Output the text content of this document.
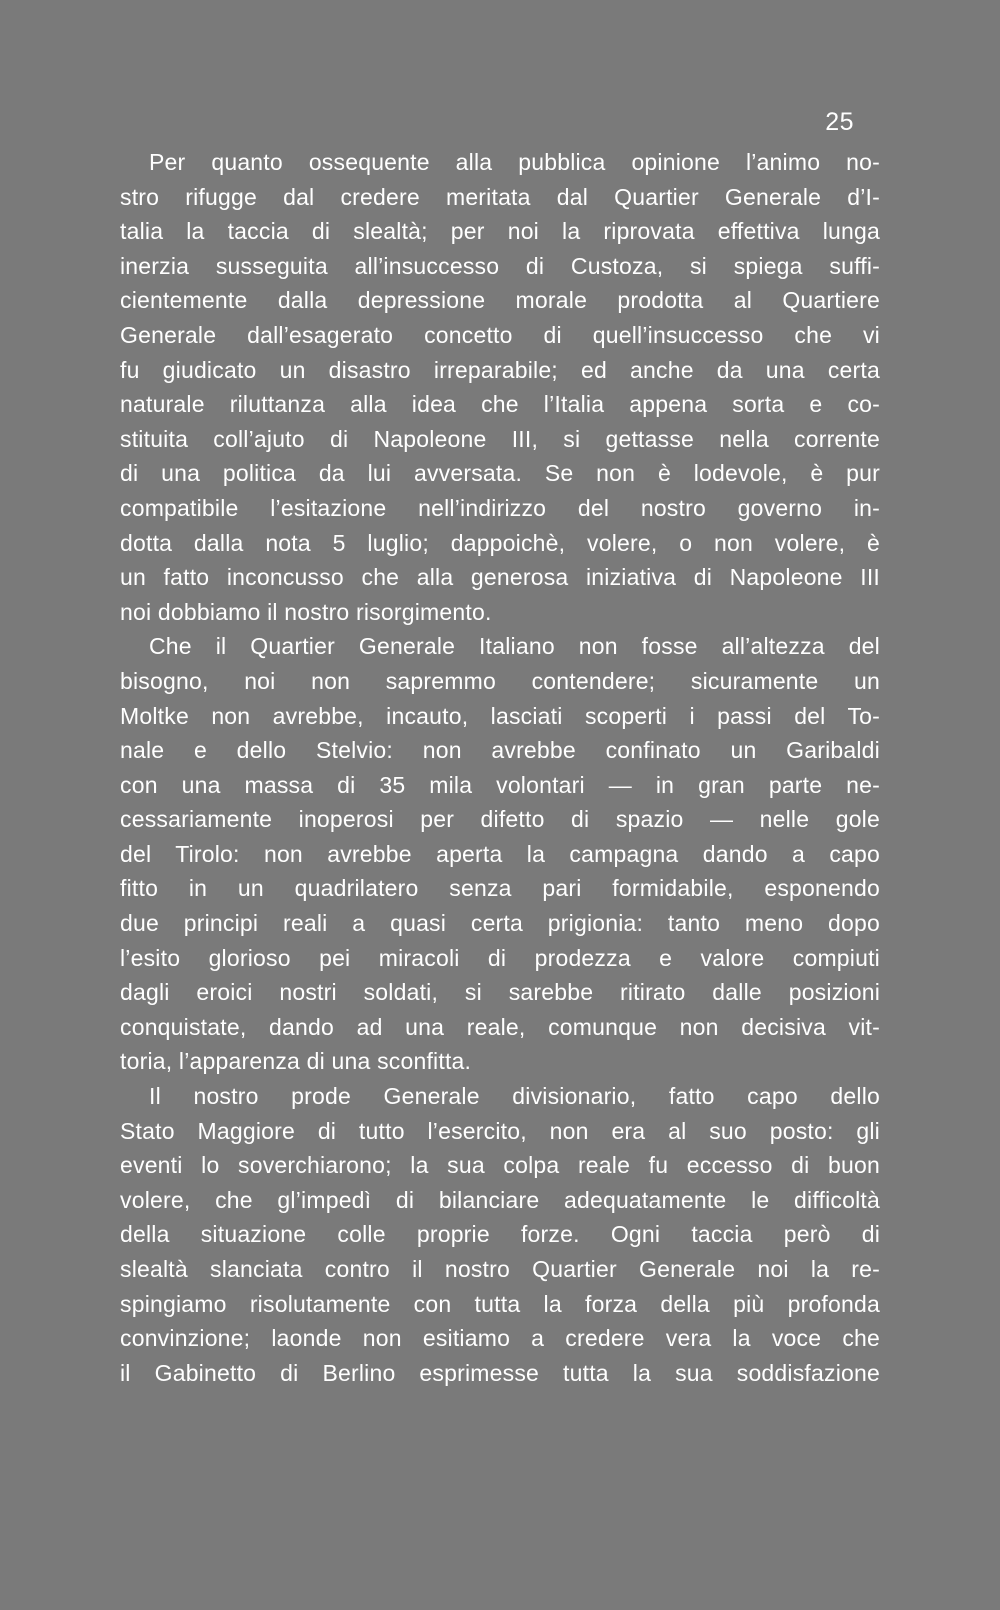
25
Per quanto ossequente alla pubblica opinione l’animo no-
stro rifugge dal credere meritata dal Quartier Generale d’I-
talia la taccia di slealtà; per noi la riprovata effettiva lunga
inerzia susseguita all’insuccesso di Custoza, si spiega suffi-
cientemente dalla depressione morale prodotta al Quartiere
Generale dall’esagerato concetto di quell’insuccesso che vi
fu giudicato un disastro irreparabile; ed anche da una certa
naturale riluttanza alla idea che l’Italia appena sorta e co-
stituita coll’ajuto di Napoleone III, si gettasse nella corrente
di una politica da lui avversata. Se non è lodevole, è pur
compatibile l’esitazione nell’indirizzo del nostro governo in-
dotta dalla nota 5 luglio; dappoichè, volere, o non volere, è
un fatto inconcusso che alla generosa iniziativa di Napoleone III
noi dobbiamo il nostro risorgimento.
Che il Quartier Generale Italiano non fosse all’altezza del
bisogno, noi non sapremmo contendere; sicuramente un
Moltke non avrebbe, incauto, lasciati scoperti i passi del To-
nale e dello Stelvio: non avrebbe confinato un Garibaldi
con una massa di 35 mila volontari — in gran parte ne-
cessariamente inoperosi per difetto di spazio — nelle gole
del Tirolo: non avrebbe aperta la campagna dando a capo
fitto in un quadrilatero senza pari formidabile, esponendo
due principi reali a quasi certa prigionia: tanto meno dopo
l’esito glorioso pei miracoli di prodezza e valore compiuti
dagli eroici nostri soldati, si sarebbe ritirato dalle posizioni
conquistate, dando ad una reale, comunque non decisiva vit-
toria, l’apparenza di una sconfitta.
Il nostro prode Generale divisionario, fatto capo dello
Stato Maggiore di tutto l’esercito, non era al suo posto: gli
eventi lo soverchiarono; la sua colpa reale fu eccesso di buon
volere, che gl’impedì di bilanciare adequatamente le difficoltà
della situazione colle proprie forze. Ogni taccia però di
slealtà slanciata contro il nostro Quartier Generale noi la re-
spingiamo risolutamente con tutta la forza della più profonda
convinzione; laonde non esitiamo a credere vera la voce che
il Gabinetto di Berlino esprimesse tutta la sua soddisfazione
